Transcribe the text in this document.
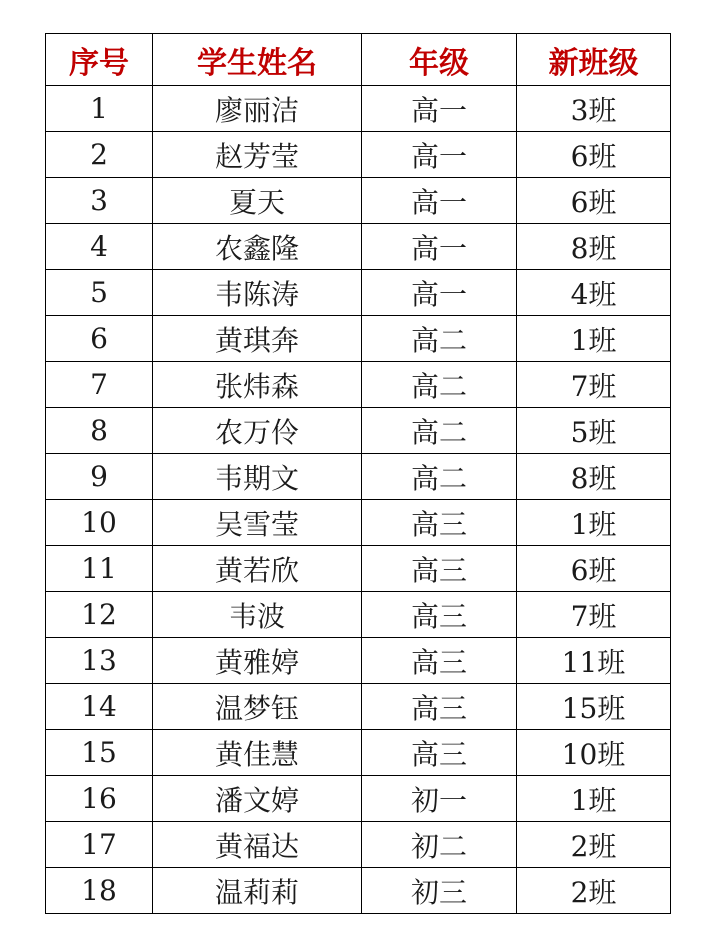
序号	学生姓名	年级	新班级
1	廖丽洁	高一	3班
2	赵芳莹	高一	6班
3	夏天	高一	6班
4	农鑫隆	高一	8班
5	韦陈涛	高一	4班
6	黄琪奔	高二	1班
7	张炜森	高二	7班
8	农万伶	高二	5班
9	韦期文	高二	8班
10	吴雪莹	高三	1班
11	黄若欣	高三	6班
12	韦波	高三	7班
13	黄雅婷	高三	11班
14	温梦钰	高三	15班
15	黄佳慧	高三	10班
16	潘文婷	初一	1班
17	黄福达	初二	2班
18	温莉莉	初三	2班
